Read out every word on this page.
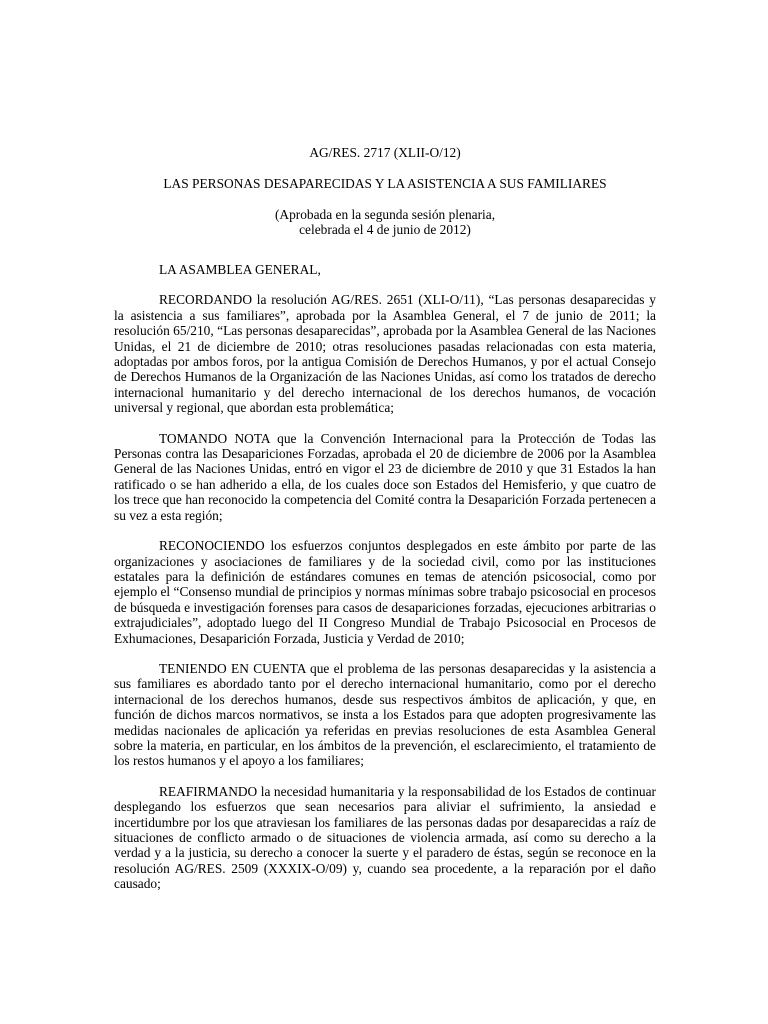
AG/RES. 2717 (XLII-O/12)
LAS PERSONAS DESAPARECIDAS Y LA ASISTENCIA A SUS FAMILIARES
(Aprobada en la segunda sesión plenaria,
celebrada el 4 de junio de 2012)

LA ASAMBLEA GENERAL,

RECORDANDO la resolución AG/RES. 2651 (XLI-O/11), “Las personas desaparecidas y la asistencia a sus familiares”, aprobada por la Asamblea General, el 7 de junio de 2011; la resolución 65/210, “Las personas desaparecidas”, aprobada por la Asamblea General de las Naciones Unidas, el 21 de diciembre de 2010; otras resoluciones pasadas relacionadas con esta materia, adoptadas por ambos foros, por la antigua Comisión de Derechos Humanos, y por el actual Consejo de Derechos Humanos de la Organización de las Naciones Unidas, así como los tratados de derecho internacional humanitario y del derecho internacional de los derechos humanos, de vocación universal y regional, que abordan esta problemática;

TOMANDO NOTA que la Convención Internacional para la Protección de Todas las Personas contra las Desapariciones Forzadas, aprobada el 20 de diciembre de 2006 por la Asamblea General de las Naciones Unidas, entró en vigor el 23 de diciembre de 2010 y que 31 Estados la han ratificado o se han adherido a ella, de los cuales doce son Estados del Hemisferio, y que cuatro de los trece que han reconocido la competencia del Comité contra la Desaparición Forzada pertenecen a su vez a esta región;

RECONOCIENDO los esfuerzos conjuntos desplegados en este ámbito por parte de las organizaciones y asociaciones de familiares y de la sociedad civil, como por las instituciones estatales para la definición de estándares comunes en temas de atención psicosocial, como por ejemplo el “Consenso mundial de principios y normas mínimas sobre trabajo psicosocial en procesos de búsqueda e investigación forenses para casos de desapariciones forzadas, ejecuciones arbitrarias o extrajudiciales”, adoptado luego del II Congreso Mundial de Trabajo Psicosocial en Procesos de Exhumaciones, Desaparición Forzada, Justicia y Verdad de 2010;

TENIENDO EN CUENTA que el problema de las personas desaparecidas y la asistencia a sus familiares es abordado tanto por el derecho internacional humanitario, como por el derecho internacional de los derechos humanos, desde sus respectivos ámbitos de aplicación, y que, en función de dichos marcos normativos, se insta a los Estados para que adopten progresivamente las medidas nacionales de aplicación ya referidas en previas resoluciones de esta Asamblea General sobre la materia, en particular, en los ámbitos de la prevención, el esclarecimiento, el tratamiento de los restos humanos y el apoyo a los familiares;

REAFIRMANDO la necesidad humanitaria y la responsabilidad de los Estados de continuar desplegando los esfuerzos que sean necesarios para aliviar el sufrimiento, la ansiedad e incertidumbre por los que atraviesan los familiares de las personas dadas por desaparecidas a raíz de situaciones de conflicto armado o de situaciones de violencia armada, así como su derecho a la verdad y a la justicia, su derecho a conocer la suerte y el paradero de éstas, según se reconoce en la resolución AG/RES. 2509 (XXXIX-O/09) y, cuando sea procedente, a la reparación por el daño causado;
